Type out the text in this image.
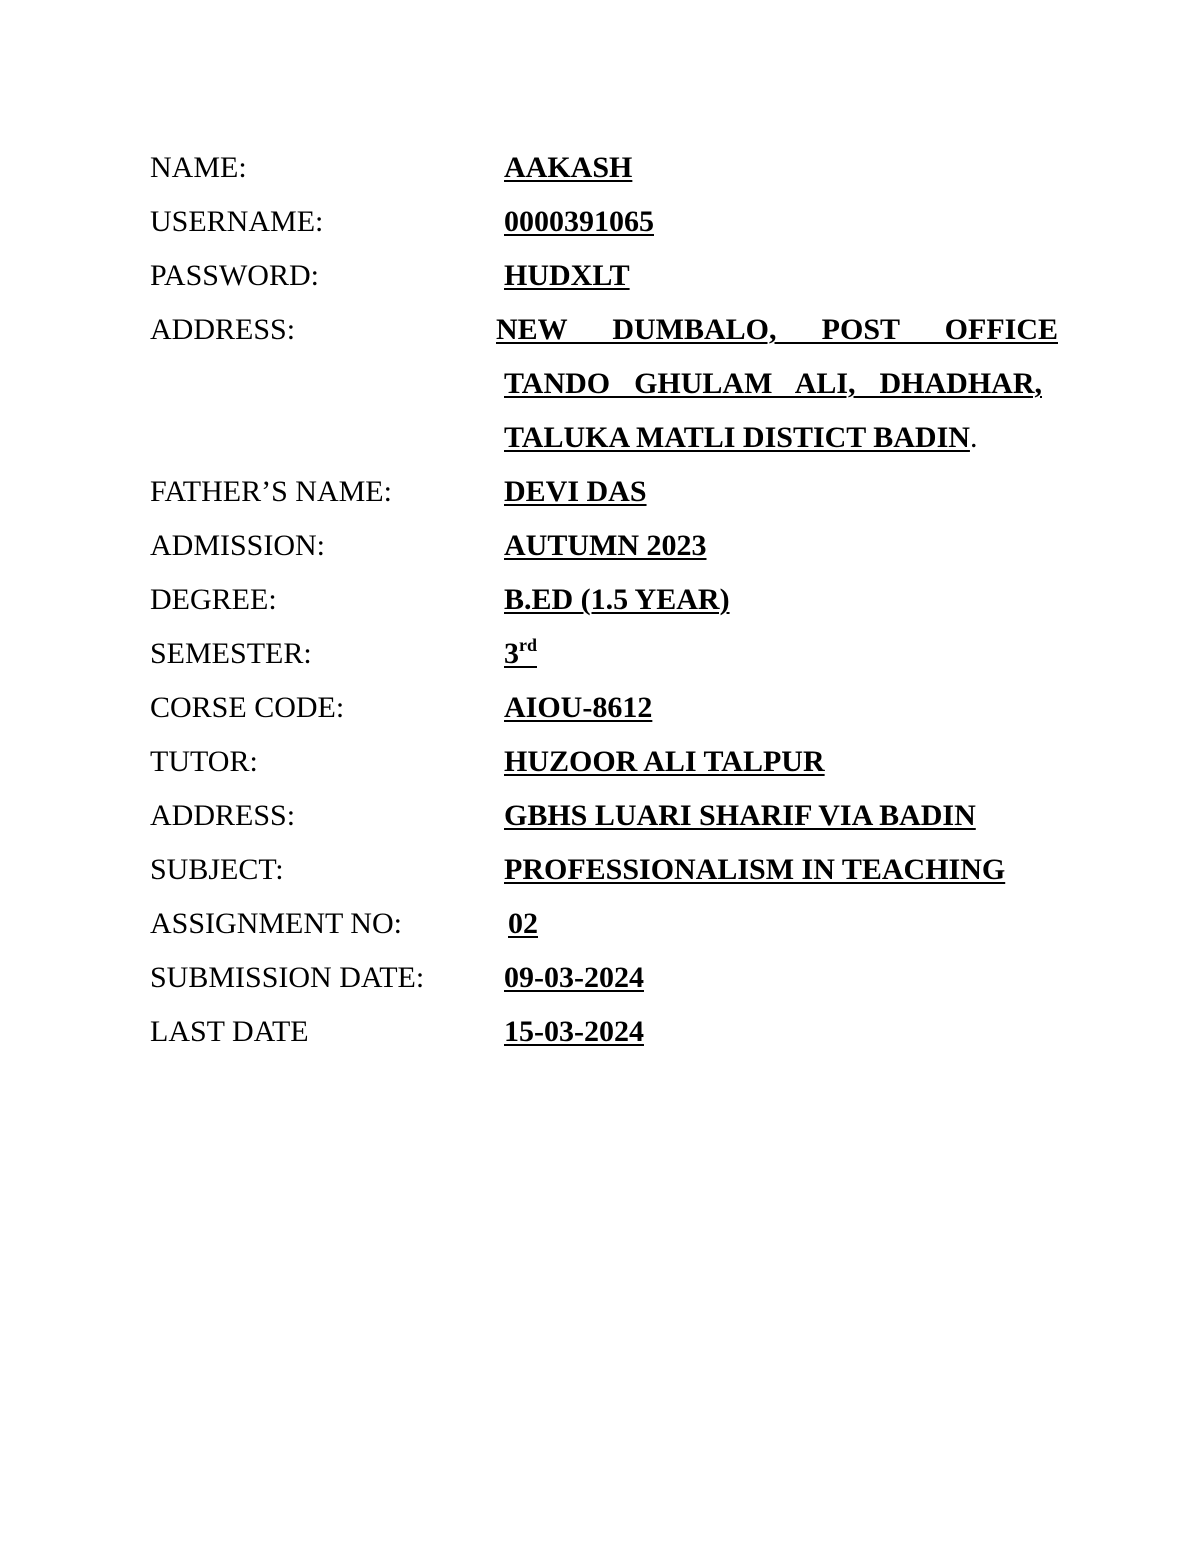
NAME:	AAKASH
USERNAME:	0000391065
PASSWORD:	HUDXLT
ADDRESS:	NEW DUMBALO, POST OFFICE
TANDO GHULAM ALI, DHADHAR,
TALUKA MATLI DISTICT BADIN.
FATHER’S NAME:	DEVI DAS
ADMISSION:	AUTUMN 2023
DEGREE:	B.ED (1.5 YEAR)
SEMESTER:	3rd
CORSE CODE:	AIOU-8612
TUTOR:	HUZOOR ALI TALPUR
ADDRESS:	GBHS LUARI SHARIF VIA BADIN
SUBJECT:	PROFESSIONALISM IN TEACHING
ASSIGNMENT NO:	02
SUBMISSION DATE:	09-03-2024
LAST DATE	15-03-2024
